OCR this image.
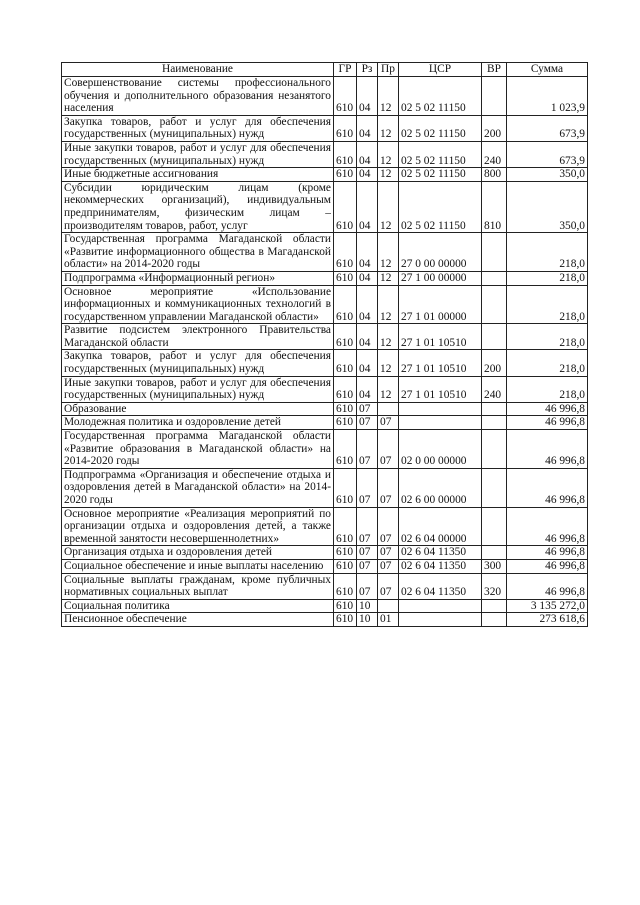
Наименование	ГР	Рз	Пр	ЦСР	ВР	Сумма
Совершенствование системы профессионального обучения и дополнительного образования незанятого населения	610	04	12	02 5 02 11150		1 023,9
Закупка товаров, работ и услуг для обеспечения государственных (муниципальных) нужд	610	04	12	02 5 02 11150	200	673,9
Иные закупки товаров, работ и услуг для обеспечения государственных (муниципальных) нужд	610	04	12	02 5 02 11150	240	673,9
Иные бюджетные ассигнования	610	04	12	02 5 02 11150	800	350,0
Субсидии юридическим лицам (кроме некоммерческих организаций), индивидуальным предпринимателям, физическим лицам – производителям товаров, работ, услуг	610	04	12	02 5 02 11150	810	350,0
Государственная программа Магаданской области «Развитие информационного общества в Магаданской области» на 2014-2020 годы	610	04	12	27 0 00 00000		218,0
Подпрограмма «Информационный регион»	610	04	12	27 1 00 00000		218,0
Основное мероприятие «Использование информационных и коммуникационных технологий в государственном управлении Магаданской области»	610	04	12	27 1 01 00000		218,0
Развитие подсистем электронного Правительства Магаданской области	610	04	12	27 1 01 10510		218,0
Закупка товаров, работ и услуг для обеспечения государственных (муниципальных) нужд	610	04	12	27 1 01 10510	200	218,0
Иные закупки товаров, работ и услуг для обеспечения государственных (муниципальных) нужд	610	04	12	27 1 01 10510	240	218,0
Образование	610	07				46 996,8
Молодежная политика и оздоровление детей	610	07	07			46 996,8
Государственная программа Магаданской области «Развитие образования в Магаданской области» на 2014-2020 годы	610	07	07	02 0 00 00000		46 996,8
Подпрограмма «Организация и обеспечение отдыха и оздоровления детей в Магаданской области» на 2014-2020 годы	610	07	07	02 6 00 00000		46 996,8
Основное мероприятие «Реализация мероприятий по организации отдыха и оздоровления детей, а также временной занятости несовершеннолетних»	610	07	07	02 6 04 00000		46 996,8
Организация отдыха и оздоровления детей	610	07	07	02 6 04 11350		46 996,8
Социальное обеспечение и иные выплаты населению	610	07	07	02 6 04 11350	300	46 996,8
Социальные выплаты гражданам, кроме публичных нормативных социальных выплат	610	07	07	02 6 04 11350	320	46 996,8
Социальная политика	610	10				3 135 272,0
Пенсионное обеспечение	610	10	01			273 618,6
